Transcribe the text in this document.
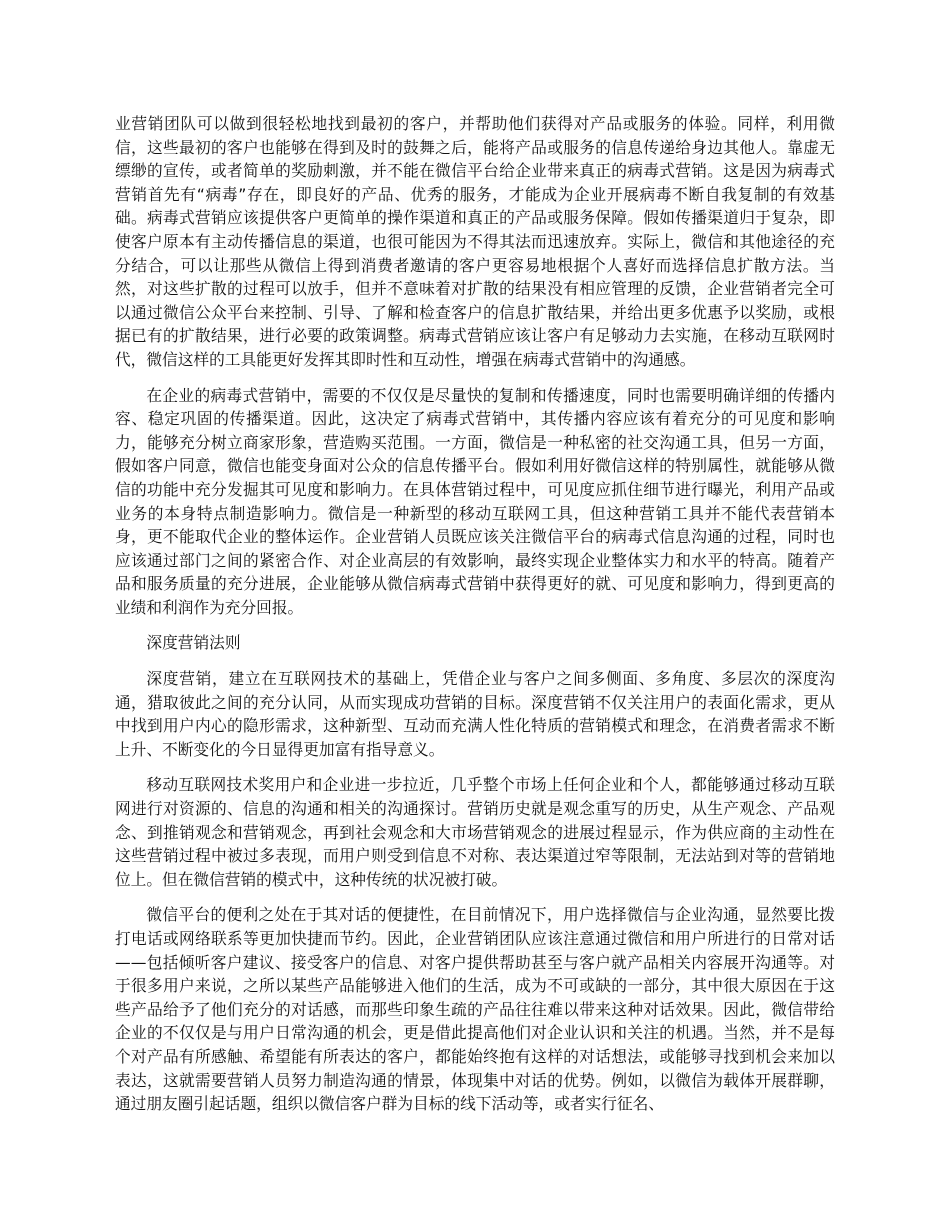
业营销团队可以做到很轻松地找到最初的客户，并帮助他们获得对产品或服务的体验。同样，利用微信，这些最初的客户也能够在得到及时的鼓舞之后，能将产品或服务的信息传递给身边其他人。靠虚无缥缈的宣传，或者简单的奖励刺激，并不能在微信平台给企业带来真正的病毒式营销。这是因为病毒式营销首先有“病毒”存在，即良好的产品、优秀的服务，才能成为企业开展病毒不断自我复制的有效基础。病毒式营销应该提供客户更简单的操作渠道和真正的产品或服务保障。假如传播渠道归于复杂，即使客户原本有主动传播信息的渠道，也很可能因为不得其法而迅速放弃。实际上，微信和其他途径的充分结合，可以让那些从微信上得到消费者邀请的客户更容易地根据个人喜好而选择信息扩散方法。当然，对这些扩散的过程可以放手，但并不意味着对扩散的结果没有相应管理的反馈，企业营销者完全可以通过微信公众平台来控制、引导、了解和检查客户的信息扩散结果，并给出更多优惠予以奖励，或根据已有的扩散结果，进行必要的政策调整。病毒式营销应该让客户有足够动力去实施，在移动互联网时代，微信这样的工具能更好发挥其即时性和互动性，增强在病毒式营销中的沟通感。

在企业的病毒式营销中，需要的不仅仅是尽量快的复制和传播速度，同时也需要明确详细的传播内容、稳定巩固的传播渠道。因此，这决定了病毒式营销中，其传播内容应该有着充分的可见度和影响力，能够充分树立商家形象，营造购买范围。一方面，微信是一种私密的社交沟通工具，但另一方面，假如客户同意，微信也能变身面对公众的信息传播平台。假如利用好微信这样的特别属性，就能够从微信的功能中充分发掘其可见度和影响力。在具体营销过程中，可见度应抓住细节进行曝光，利用产品或业务的本身特点制造影响力。微信是一种新型的移动互联网工具，但这种营销工具并不能代表营销本身，更不能取代企业的整体运作。企业营销人员既应该关注微信平台的病毒式信息沟通的过程，同时也应该通过部门之间的紧密合作、对企业高层的有效影响，最终实现企业整体实力和水平的特高。随着产品和服务质量的充分进展，企业能够从微信病毒式营销中获得更好的就、可见度和影响力，得到更高的业绩和利润作为充分回报。

深度营销法则

深度营销，建立在互联网技术的基础上，凭借企业与客户之间多侧面、多角度、多层次的深度沟通，猎取彼此之间的充分认同，从而实现成功营销的目标。深度营销不仅关注用户的表面化需求，更从中找到用户内心的隐形需求，这种新型、互动而充满人性化特质的营销模式和理念，在消费者需求不断上升、不断变化的今日显得更加富有指导意义。

移动互联网技术奖用户和企业进一步拉近，几乎整个市场上任何企业和个人，都能够通过移动互联网进行对资源的、信息的沟通和相关的沟通探讨。营销历史就是观念重写的历史，从生产观念、产品观念、到推销观念和营销观念，再到社会观念和大市场营销观念的进展过程显示，作为供应商的主动性在这些营销过程中被过多表现，而用户则受到信息不对称、表达渠道过窄等限制，无法站到对等的营销地位上。但在微信营销的模式中，这种传统的状况被打破。

微信平台的便利之处在于其对话的便捷性，在目前情况下，用户选择微信与企业沟通，显然要比拨打电话或网络联系等更加快捷而节约。因此，企业营销团队应该注意通过微信和用户所进行的日常对话——包括倾听客户建议、接受客户的信息、对客户提供帮助甚至与客户就产品相关内容展开沟通等。对于很多用户来说，之所以某些产品能够进入他们的生活，成为不可或缺的一部分，其中很大原因在于这些产品给予了他们充分的对话感，而那些印象生疏的产品往往难以带来这种对话效果。因此，微信带给企业的不仅仅是与用户日常沟通的机会，更是借此提高他们对企业认识和关注的机遇。当然，并不是每个对产品有所感触、希望能有所表达的客户，都能始终抱有这样的对话想法，或能够寻找到机会来加以表达，这就需要营销人员努力制造沟通的情景，体现集中对话的优势。例如，以微信为载体开展群聊，通过朋友圈引起话题，组织以微信客户群为目标的线下活动等，或者实行征名、
